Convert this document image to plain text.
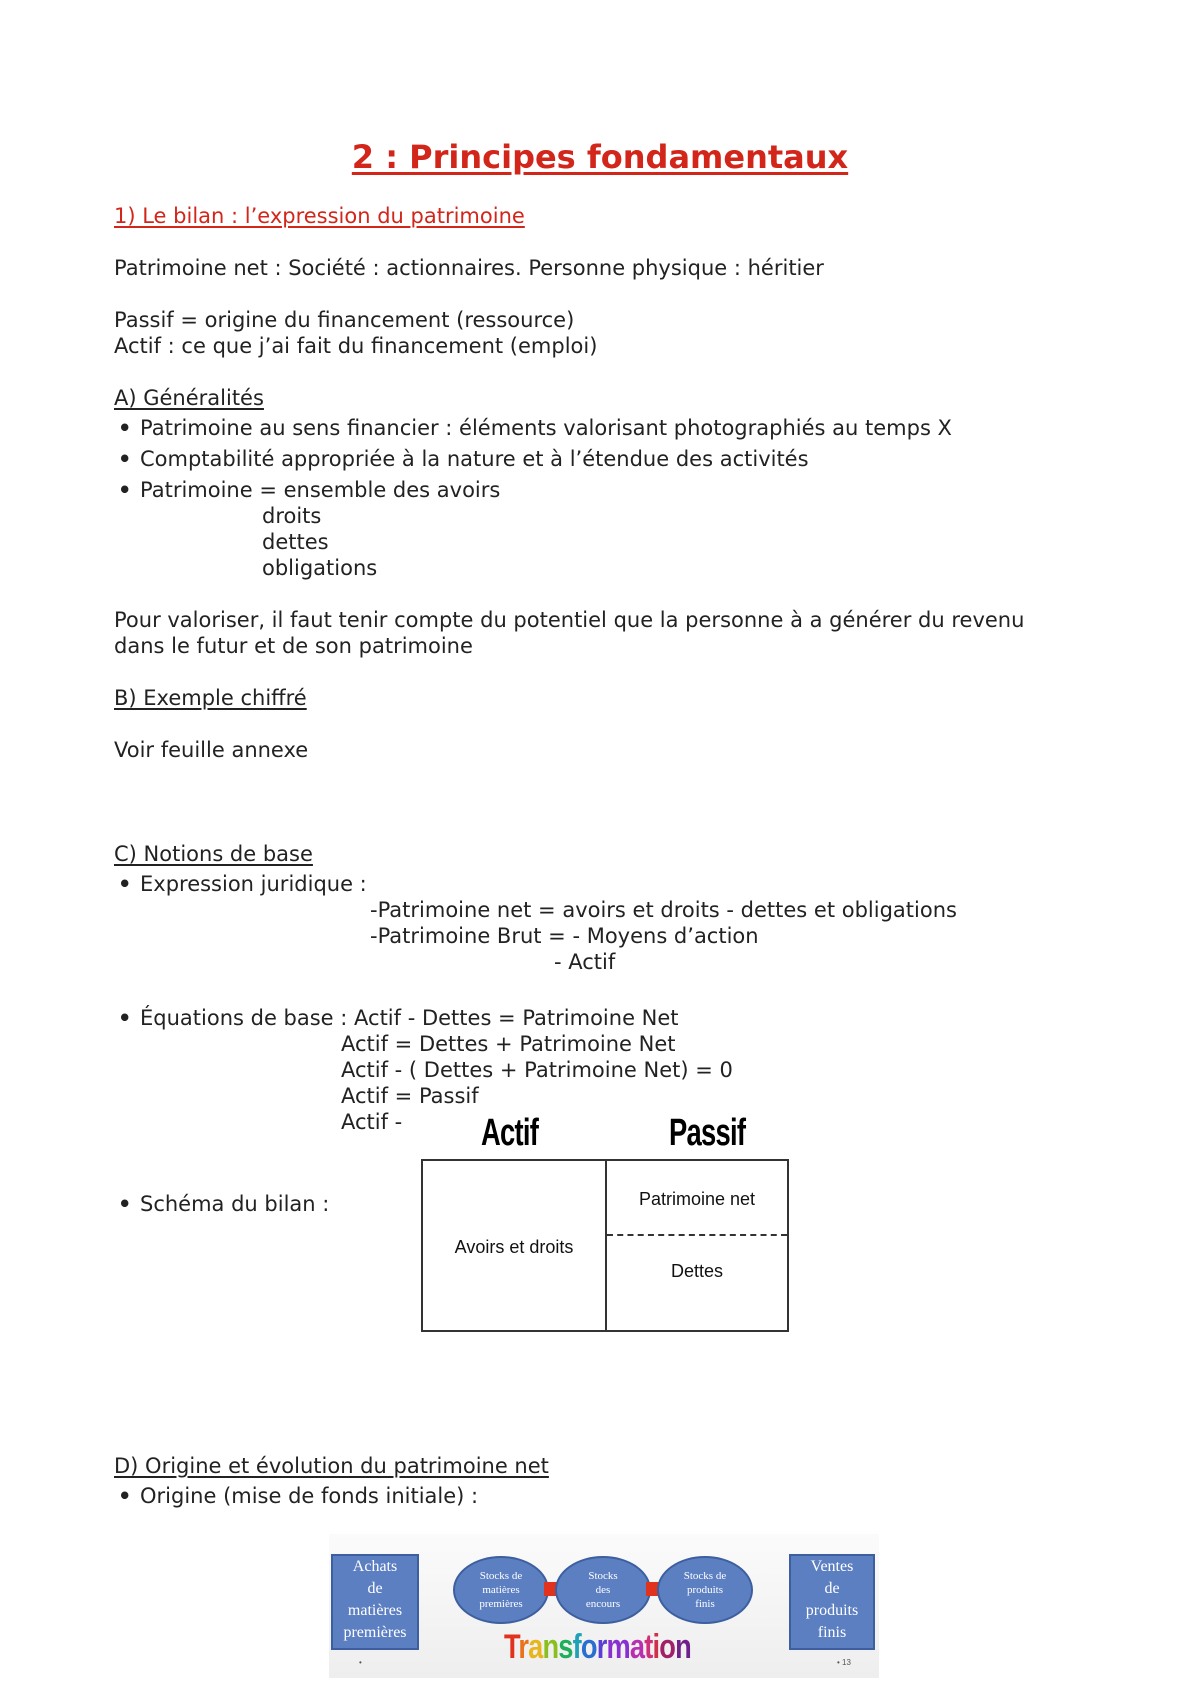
2 : Principes fondamentaux
1) Le bilan : l’expression du patrimoine
Patrimoine net : Société : actionnaires. Personne physique : héritier
Passif = origine du financement (ressource)
Actif : ce que j’ai fait du financement (emploi)
A) Généralités
• Patrimoine au sens financier : éléments valorisant photographiés au temps X
• Comptabilité appropriée à la nature et à l’étendue des activités
• Patrimoine = ensemble des avoirs
droits
dettes
obligations
Pour valoriser, il faut tenir compte du potentiel que la personne à a générer du revenu
dans le futur et de son patrimoine
B) Exemple chiffré
Voir feuille annexe
C) Notions de base
• Expression juridique :
-Patrimoine net = avoirs et droits - dettes et obligations
-Patrimoine Brut = - Moyens d’action
- Actif
• Équations de base : Actif - Dettes = Patrimoine Net
Actif = Dettes + Patrimoine Net
Actif - ( Dettes + Patrimoine Net) = 0
Actif = Passif
Actif -
• Schéma du bilan :
Actif	Passif
Avoirs et droits
Patrimoine net
Dettes
D) Origine et évolution du patrimoine net
• Origine (mise de fonds initiale) :
Achats
de
matières
premières
Stocks de
matières
premières
Stocks
des
encours
Stocks de
produits
finis
Ventes
de
produits
finis
Transformation
•	• 13
